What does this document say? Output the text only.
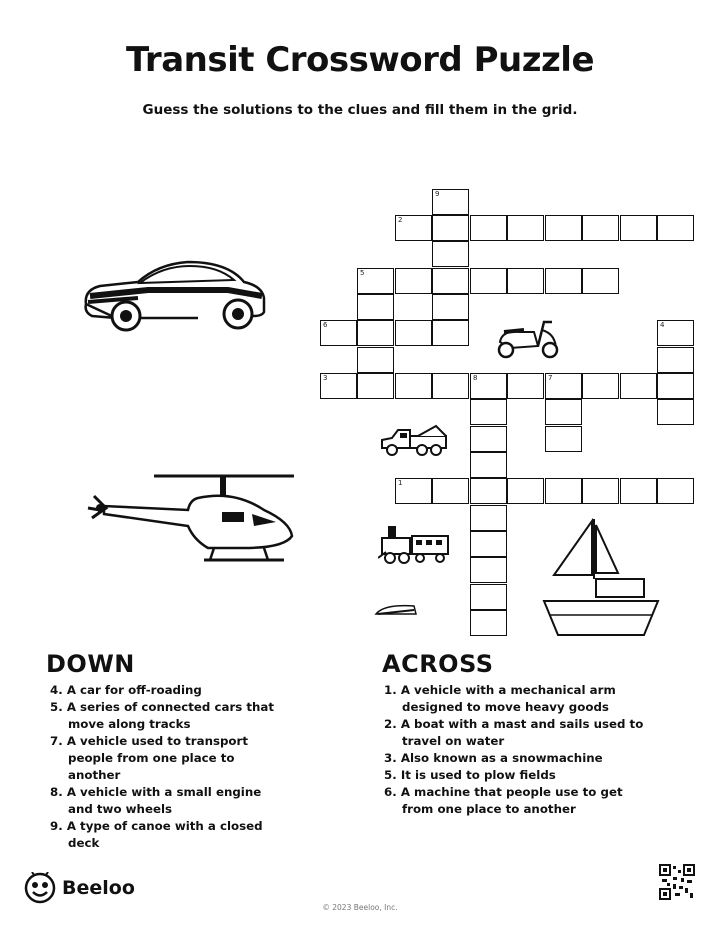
Transit Crossword Puzzle
Guess the solutions to the clues and fill them in the grid.
2
5
6
3	8	7
1
9
4
DOWN	ACROSS
4. A car for off-roading
5. A series of connected cars that move along tracks
7. A vehicle used to transport people from one place to another
8. A vehicle with a small engine and two wheels
9. A type of canoe with a closed deck
1. A vehicle with a mechanical arm designed to move heavy goods
2. A boat with a mast and sails used to travel on water
3. Also known as a snowmachine
5. It is used to plow fields
6. A machine that people use to get from one place to another
Beeloo
© 2023 Beeloo, Inc.
